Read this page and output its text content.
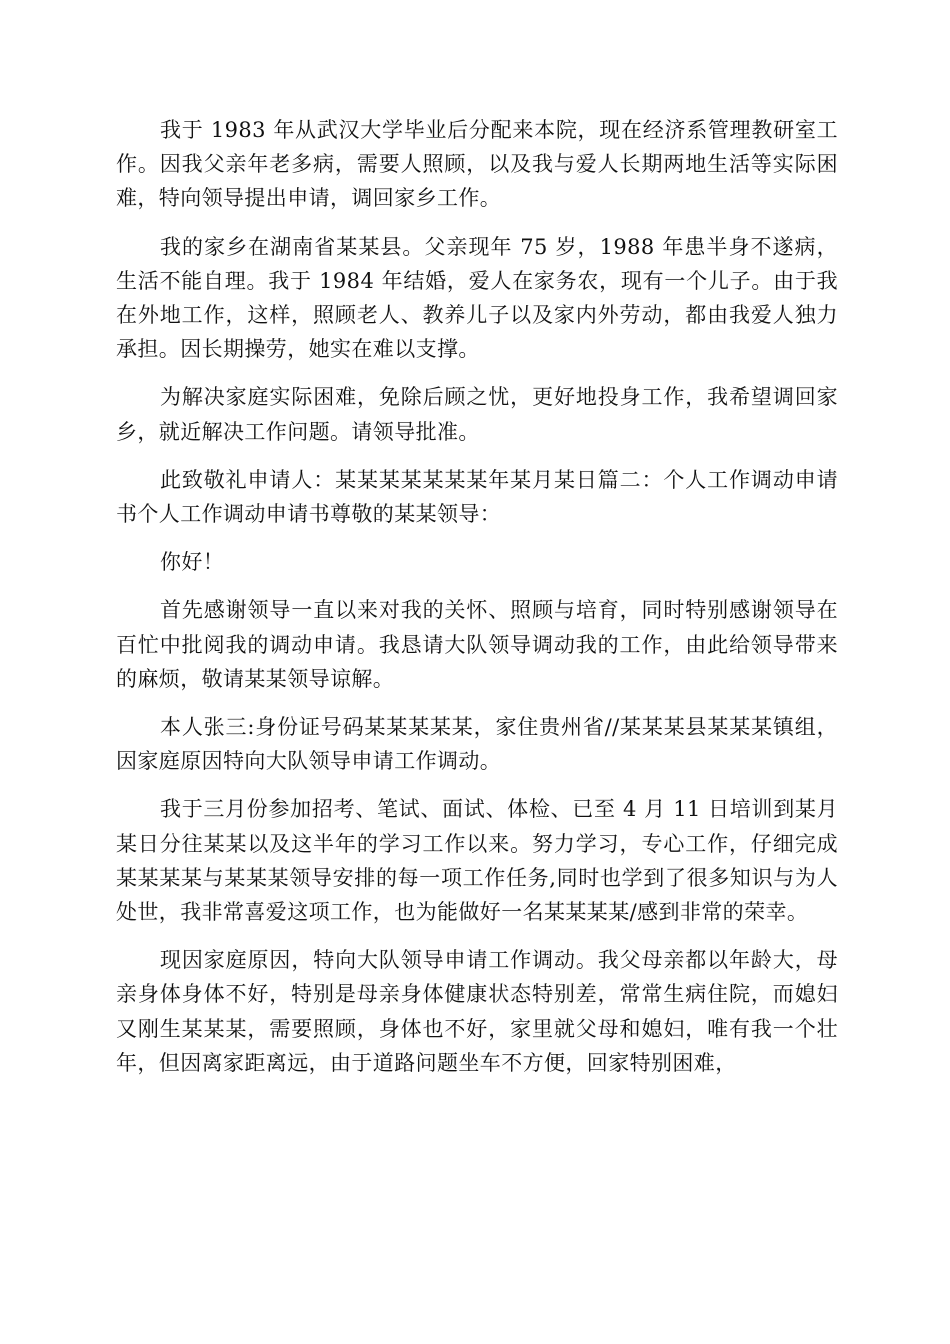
我于 1983 年从武汉大学毕业后分配来本院，现在经济系管理教研室工作。因我父亲年老多病，需要人照顾，以及我与爱人长期两地生活等实际困难，特向领导提出申请，调回家乡工作。

我的家乡在湖南省某某县。父亲现年 75 岁，1988 年患半身不遂病，生活不能自理。我于 1984 年结婚，爱人在家务农，现有一个儿子。由于我在外地工作，这样，照顾老人、教养儿子以及家内外劳动，都由我爱人独力承担。因长期操劳，她实在难以支撑。

为解决家庭实际困难，免除后顾之忧，更好地投身工作，我希望调回家乡，就近解决工作问题。请领导批准。

此致敬礼申请人：某某某某某某某年某月某日篇二：个人工作调动申请书个人工作调动申请书尊敬的某某领导：

你好！

首先感谢领导一直以来对我的关怀、照顾与培育，同时特别感谢领导在百忙中批阅我的调动申请。我恳请大队领导调动我的工作，由此给领导带来的麻烦，敬请某某领导谅解。

本人张三:身份证号码某某某某某，家住贵州省//某某某县某某某镇组，因家庭原因特向大队领导申请工作调动。

我于三月份参加招考、笔试、面试、体检、已至 4 月 11 日培训到某月某日分往某某以及这半年的学习工作以来。努力学习，专心工作，仔细完成某某某某与某某某领导安排的每一项工作任务,同时也学到了很多知识与为人处世，我非常喜爱这项工作，也为能做好一名某某某某/感到非常的荣幸。

现因家庭原因，特向大队领导申请工作调动。我父母亲都以年龄大，母亲身体身体不好，特别是母亲身体健康状态特别差，常常生病住院，而媳妇又刚生某某某，需要照顾，身体也不好，家里就父母和媳妇，唯有我一个壮年，但因离家距离远，由于道路问题坐车不方便，回家特别困难，
